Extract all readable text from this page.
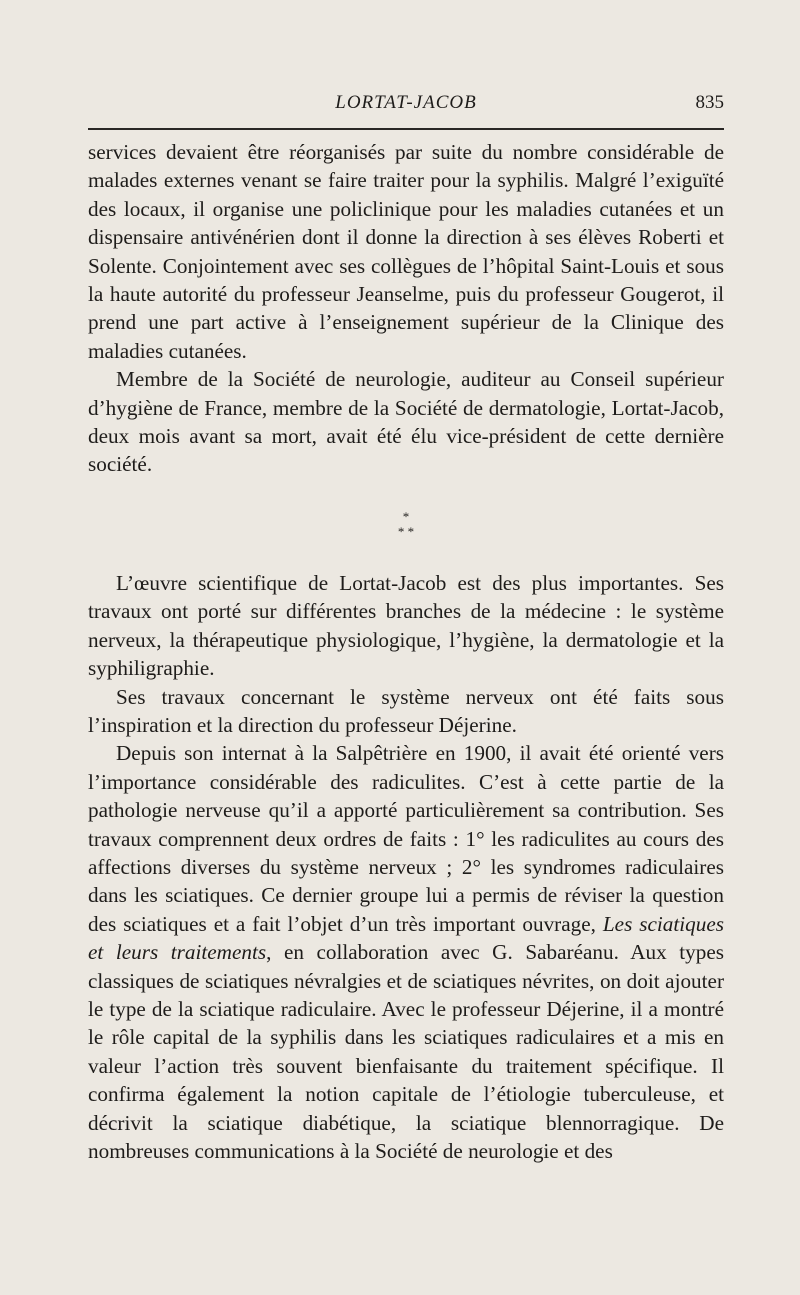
LORTAT-JACOB	835

services devaient être réorganisés par suite du nombre considérable de malades externes venant se faire traiter pour la syphilis. Malgré l’exiguïté des locaux, il organise une policlinique pour les maladies cutanées et un dispensaire antivénérien dont il donne la direction à ses élèves Roberti et Solente. Conjointement avec ses collègues de l’hôpital Saint-Louis et sous la haute autorité du professeur Jeanselme, puis du professeur Gougerot, il prend une part active à l’enseignement supérieur de la Clinique des maladies cutanées.

Membre de la Société de neurologie, auditeur au Conseil supérieur d’hygiène de France, membre de la Société de dermatologie, Lortat-Jacob, deux mois avant sa mort, avait été élu vice-président de cette dernière société.

*
* *

L’œuvre scientifique de Lortat-Jacob est des plus importantes. Ses travaux ont porté sur différentes branches de la médecine : le système nerveux, la thérapeutique physiologique, l’hygiène, la dermatologie et la syphiligraphie.

Ses travaux concernant le système nerveux ont été faits sous l’inspiration et la direction du professeur Déjerine.

Depuis son internat à la Salpêtrière en 1900, il avait été orienté vers l’importance considérable des radiculites. C’est à cette partie de la pathologie nerveuse qu’il a apporté particulièrement sa contribution. Ses travaux comprennent deux ordres de faits : 1° les radiculites au cours des affections diverses du système nerveux ; 2° les syndromes radiculaires dans les sciatiques. Ce dernier groupe lui a permis de réviser la question des sciatiques et a fait l’objet d’un très important ouvrage, Les sciatiques et leurs traitements, en collaboration avec G. Sabaréanu. Aux types classiques de sciatiques névralgies et de sciatiques névrites, on doit ajouter le type de la sciatique radiculaire. Avec le professeur Déjerine, il a montré le rôle capital de la syphilis dans les sciatiques radiculaires et a mis en valeur l’action très souvent bienfaisante du traitement spécifique. Il confirma également la notion capitale de l’étiologie tuberculeuse, et décrivit la sciatique diabétique, la sciatique blennorragique. De nombreuses communications à la Société de neurologie et des
